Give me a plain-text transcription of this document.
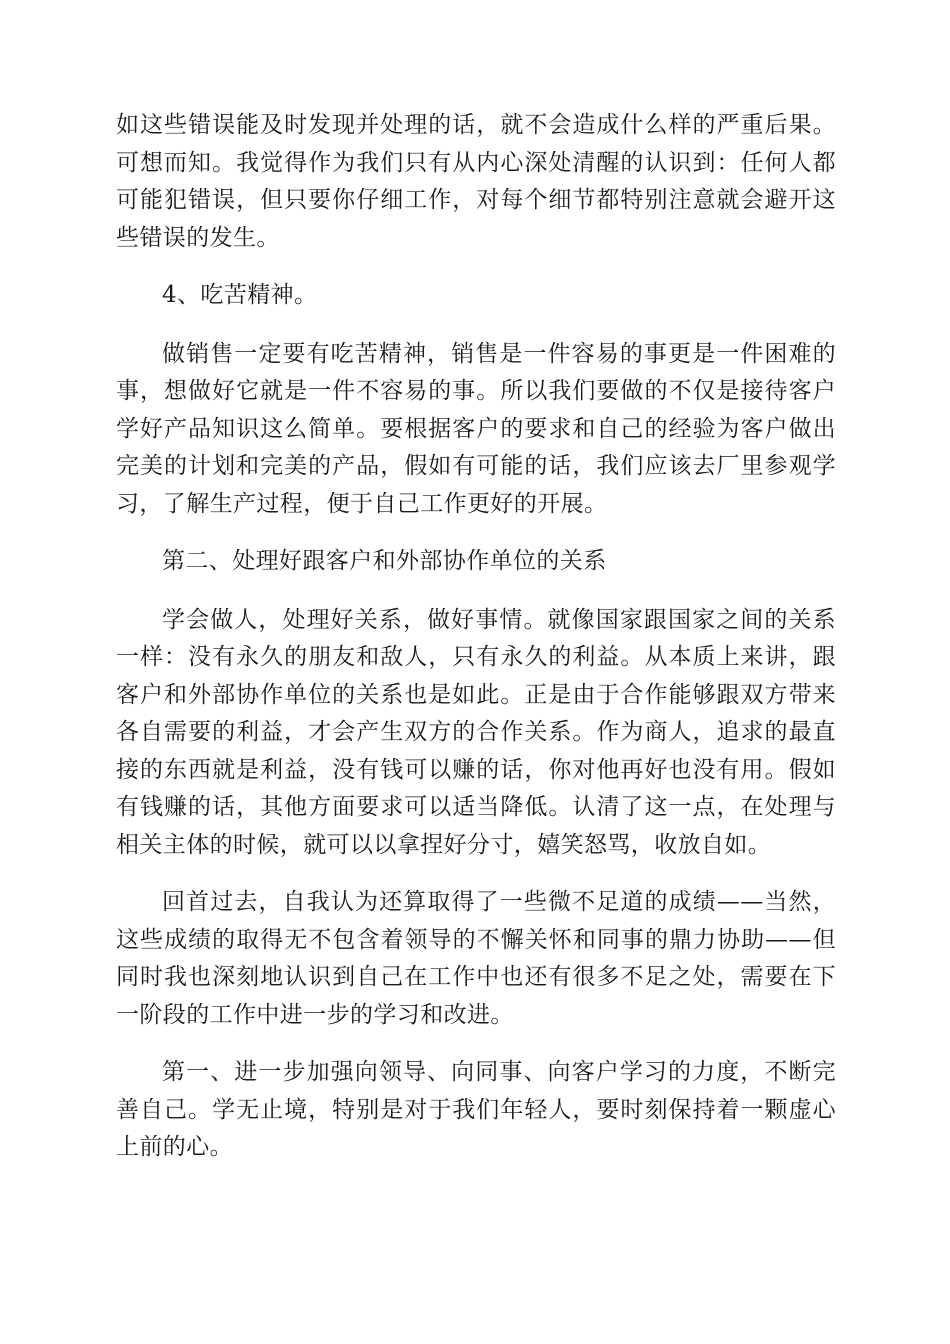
如这些错误能及时发现并处理的话，就不会造成什么样的严重后果。可想而知。我觉得作为我们只有从内心深处清醒的认识到：任何人都可能犯错误，但只要你仔细工作，对每个细节都特别注意就会避开这些错误的发生。

4、吃苦精神。

做销售一定要有吃苦精神，销售是一件容易的事更是一件困难的事，想做好它就是一件不容易的事。所以我们要做的不仅是接待客户学好产品知识这么简单。要根据客户的要求和自己的经验为客户做出完美的计划和完美的产品，假如有可能的话，我们应该去厂里参观学习，了解生产过程，便于自己工作更好的开展。

第二、处理好跟客户和外部协作单位的关系

学会做人，处理好关系，做好事情。就像国家跟国家之间的关系一样：没有永久的朋友和敌人，只有永久的利益。从本质上来讲，跟客户和外部协作单位的关系也是如此。正是由于合作能够跟双方带来各自需要的利益，才会产生双方的合作关系。作为商人，追求的最直接的东西就是利益，没有钱可以赚的话，你对他再好也没有用。假如有钱赚的话，其他方面要求可以适当降低。认清了这一点，在处理与相关主体的时候，就可以以拿捏好分寸，嬉笑怒骂，收放自如。

回首过去，自我认为还算取得了一些微不足道的成绩——当然，这些成绩的取得无不包含着领导的不懈关怀和同事的鼎力协助——但同时我也深刻地认识到自己在工作中也还有很多不足之处，需要在下一阶段的工作中进一步的学习和改进。

第一、进一步加强向领导、向同事、向客户学习的力度，不断完善自己。学无止境，特别是对于我们年轻人，要时刻保持着一颗虚心上前的心。
